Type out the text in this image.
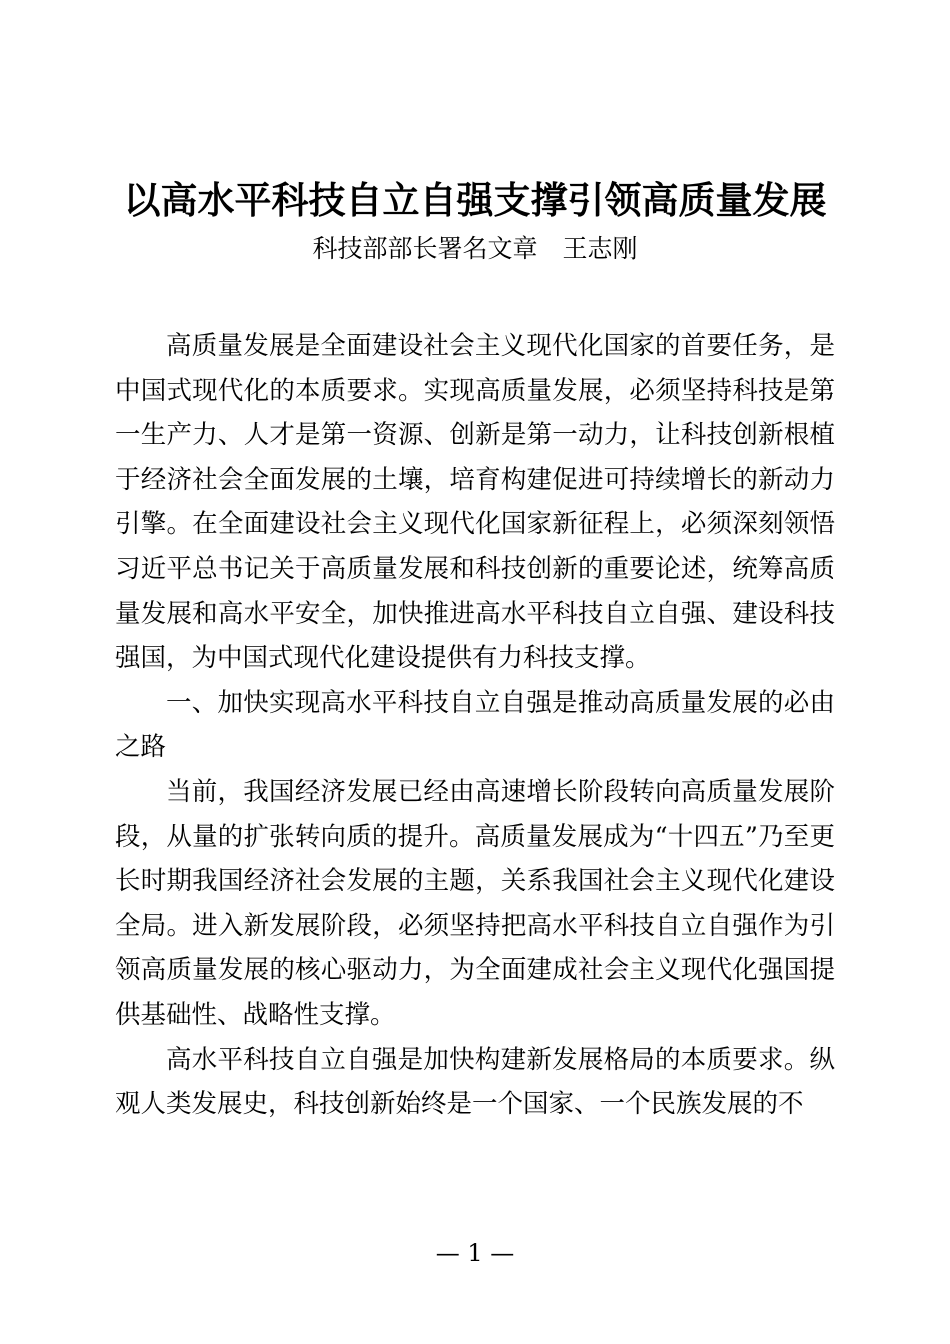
以高水平科技自立自强支撑引领高质量发展
科技部部长署名文章　王志刚

高质量发展是全面建设社会主义现代化国家的首要任务，是中国式现代化的本质要求。实现高质量发展，必须坚持科技是第一生产力、人才是第一资源、创新是第一动力，让科技创新根植于经济社会全面发展的土壤，培育构建促进可持续增长的新动力引擎。在全面建设社会主义现代化国家新征程上，必须深刻领悟习近平总书记关于高质量发展和科技创新的重要论述，统筹高质量发展和高水平安全，加快推进高水平科技自立自强、建设科技强国，为中国式现代化建设提供有力科技支撑。

一、加快实现高水平科技自立自强是推动高质量发展的必由之路

当前，我国经济发展已经由高速增长阶段转向高质量发展阶段，从量的扩张转向质的提升。高质量发展成为“十四五”乃至更长时期我国经济社会发展的主题，关系我国社会主义现代化建设全局。进入新发展阶段，必须坚持把高水平科技自立自强作为引领高质量发展的核心驱动力，为全面建成社会主义现代化强国提供基础性、战略性支撑。

高水平科技自立自强是加快构建新发展格局的本质要求。纵观人类发展史，科技创新始终是一个国家、一个民族发展的不

— 1 —
